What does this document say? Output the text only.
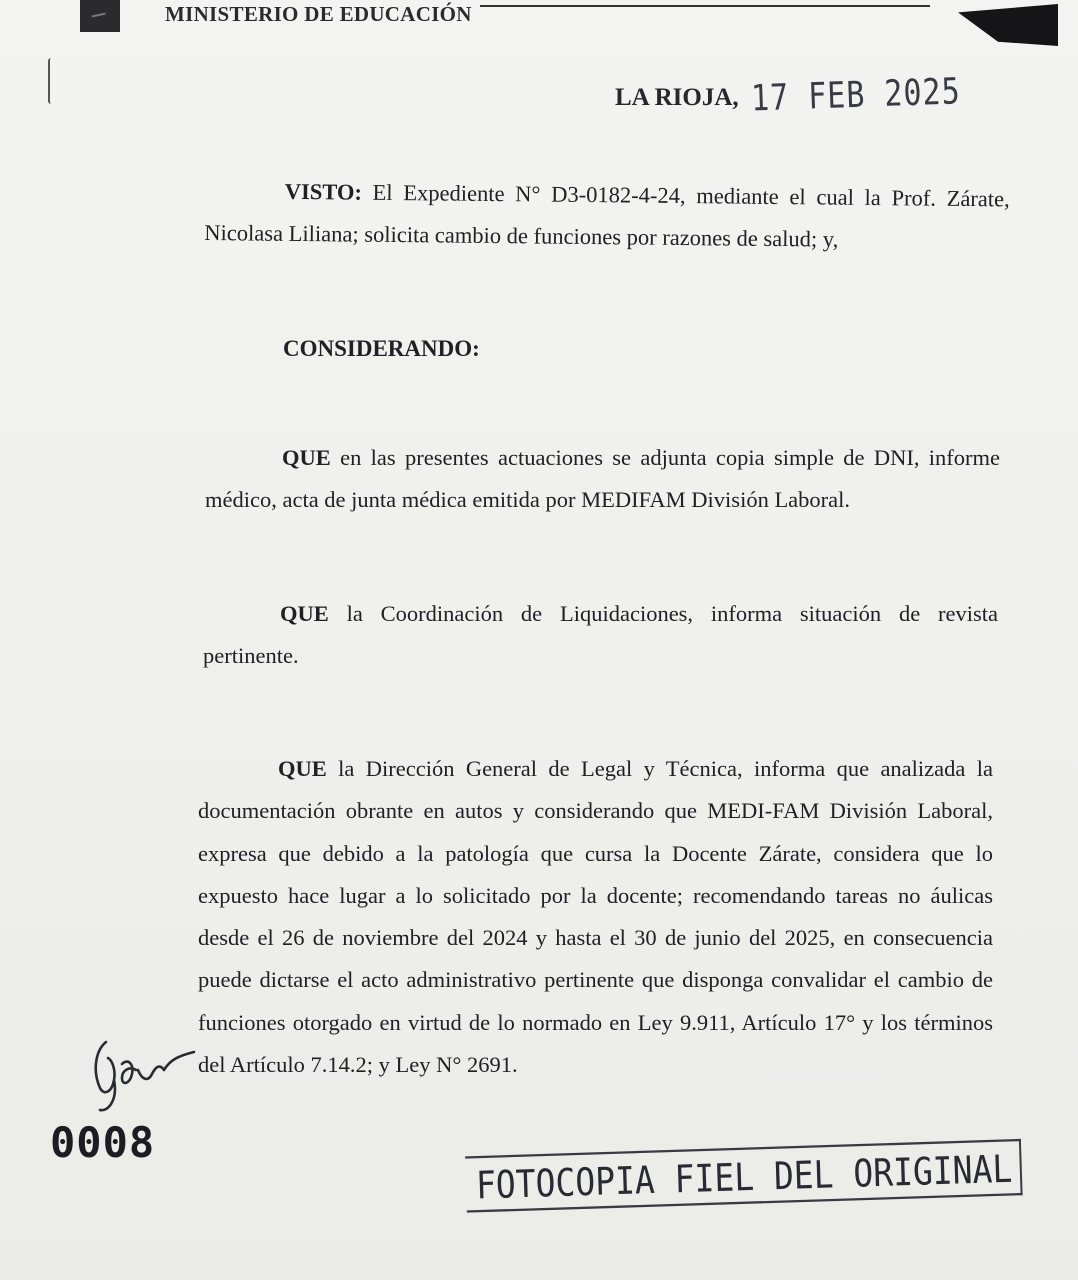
MINISTERIO DE EDUCACIÓN
LA RIOJA, 17 FEB 2025
VISTO: El Expediente N° D3-0182-4-24, mediante el cual la Prof. Zárate, Nicolasa Liliana; solicita cambio de funciones por razones de salud; y,
CONSIDERANDO:
QUE en las presentes actuaciones se adjunta copia simple de DNI, informe médico, acta de junta médica emitida por MEDIFAM División Laboral.
QUE la Coordinación de Liquidaciones, informa situación de revista pertinente.
QUE la Dirección General de Legal y Técnica, informa que analizada la documentación obrante en autos y considerando que MEDI-FAM División Laboral, expresa que debido a la patología que cursa la Docente Zárate, considera que lo expuesto hace lugar a lo solicitado por la docente; recomendando tareas no áulicas desde el 26 de noviembre del 2024 y hasta el 30 de junio del 2025, en consecuencia puede dictarse el acto administrativo pertinente que disponga convalidar el cambio de funciones otorgado en virtud de lo normado en Ley 9.911, Artículo 17° y los términos del Artículo 7.14.2; y Ley N° 2691.
0008
FOTOCOPIA FIEL DEL ORIGINAL
